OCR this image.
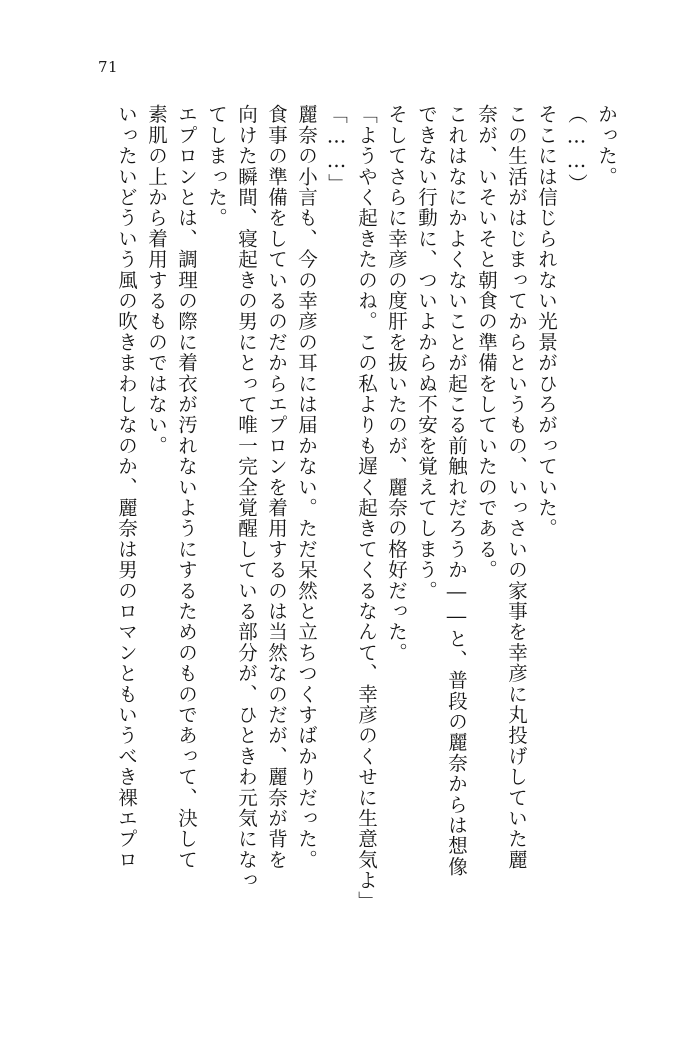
71
かった。
（……）
そこには信じられない光景がひろがっていた。
この生活がはじまってからというもの、いっさいの家事を幸彦に丸投げしていた麗
奈が、いそいそと朝食の準備をしていたのである。
これはなにかよくないことが起こる前触れだろうか――と、普段の麗奈からは想像
できない行動に、ついよからぬ不安を覚えてしまう。
そしてさらに幸彦の度肝を抜いたのが、麗奈の格好だった。
「ようやく起きたのね。この私よりも遅く起きてくるなんて、幸彦のくせに生意気よ」
「……」
麗奈の小言も、今の幸彦の耳には届かない。ただ呆然と立ちつくすばかりだった。
食事の準備をしているのだからエプロンを着用するのは当然なのだが、麗奈が背を
向けた瞬間、寝起きの男にとって唯一完全覚醒している部分が、ひときわ元気になっ
てしまった。
エプロンとは、調理の際に着衣が汚れないようにするためのものであって、決して
素肌の上から着用するものではない。
いったいどういう風の吹きまわしなのか、麗奈は男のロマンともいうべき裸エプロ
